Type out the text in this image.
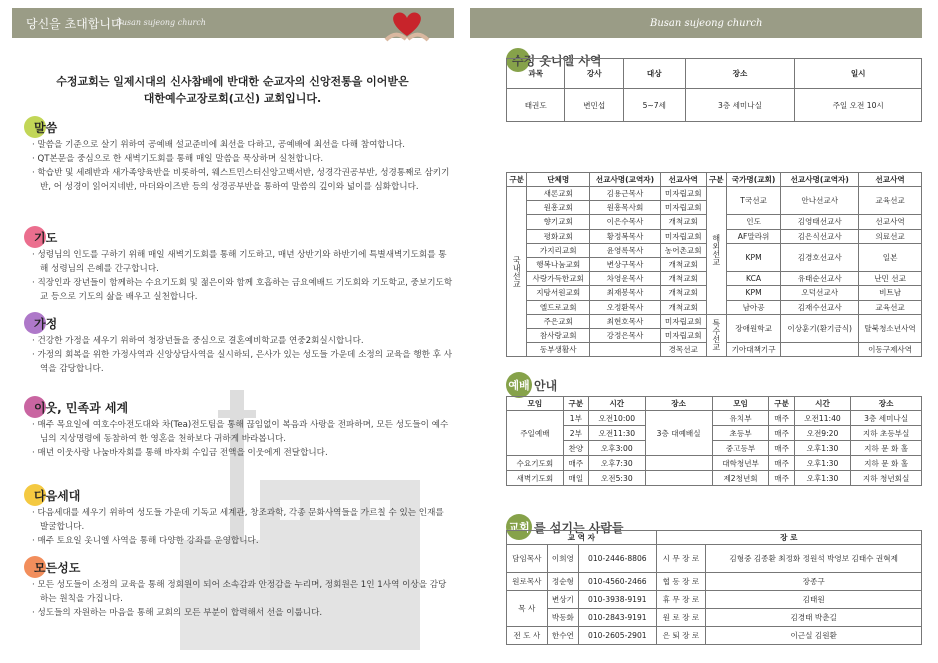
당신을 초대합니다
Busan sujeong church
수정교회는 일제시대의 신사참배에 반대한 순교자의 신앙전통을 이어받은
대한예수교장로회(고신) 교회입니다.
말씀

· 말씀을 기준으로 살기 위하여 공예배 설교준비에 최선을 다하고, 공예배에 최선을 다해 참여합니다.

· QT본문을 중심으로 한 새벽기도회를 통해 매일 말씀을 묵상하며 실천합니다.

· 학습반 및 세례반과 새가족양육반을 비롯하여, 웨스트민스터신앙고백서반, 성경각권공부반, 성경통째로 삼키기반, 어 성경이 읽어지네반, 마더와이즈반 등의 성경공부반을 통하여 말씀의 깊이와 넓이를 심화합니다.

기도

· 성령님의 인도를 구하기 위해 매일 새벽기도회를 통해 기도하고, 매년 상반기와 하반기에 특별새벽기도회를 통해 성령님의 은혜를 간구합니다.

· 직장인과 장년들이 함께하는 수요기도회 및 젊은이와 함께 호흡하는 금요예배드 기도회와 기도학교, 중보기도학교 등으로 기도의 삶을 배우고 실천합니다.

가정

· 건강한 가정을 세우기 위하여 청장년들을 중심으로 결혼예비학교를 연중2회실시합니다.

· 가정의 회복을 위한 가정사역과 신앙상담사역을 실시하되, 은사가 있는 성도들 가운데 소정의 교육을 행한 후 사역을 감당합니다.

이웃, 민족과 세계

· 매주 목요일에 여호수아전도대와 차(Tea)전도팀을 통해 끊임없이 복음과 사랑을 전파하며, 모든 성도들이 예수님의 지상명령에 동참하여 한 영혼을 천하보다 귀하게 바라봅니다.

· 매년 이웃사랑 나눔바자회를 통해 바자회 수입금 전액을 이웃에게 전달합니다.

다음세대

· 다음세대를 세우기 위하여 성도들 가운데 기독교 세계관, 창조과학, 각종 문화사역들을 가르칠 수 있는 인재를 발굴합니다.

· 매주 토요일 옷니엘 사역을 통해 다양한 강좌를 운영합니다.

모든성도

· 모든 성도들이 소정의 교육을 통해 정회원이 되어 소속감과 안정감을 누리며, 정회원은 1인 1사역 이상을 감당하는 원칙을 가집니다.

· 성도들의 자원하는 마음을 통해 교회의 모든 부분이 합력해서 선을 이룹니다.

Busan sujeong church
수정 옷니엘 사역
과목	강사	대상	장소	일시
태권도	변민섭	5~7세	3층 세미나실	주일 오전 10시
구분	단체명	선교사명(교역자)	선교사역	구분	국가명(교회)	선교사명(교역자)	선교사역
국내선교	새론교회	김용근목사	미자립교회	해외선교	T국선교	안나선교사	교육선교
	원흥교회	원흥목사회	미자립교회				
	향기교회	이은수목사	개척교회		인도	김영태선교사	선교사역
	평화교회	황정복목사	미자립교회		AF말라위	김은식선교사	의료선교
	가지리교회	윤영록목사	농어촌교회		KPM	김경호선교사	일본
	행복나눔교회	변상구목사	개척교회				
	사랑가득한교회	차영운목사	개척교회		KCA	유태순선교사	난민 선교
	지탕서원교회	최재봉목사	개척교회		KPM	오덕선교사	비트남
	엘드로교회	오정환목사	개척교회		남아공	김재수선교사	교육선교
	주은교회	최현호목사	미자립교회	특수선교	장애원학교	이상훈기(환기금식)	탈북청소년사역
	참사랑교회	강정은목사	미자립교회				
	동부생활사		경목선교		기아대책기구		이동구제사역
예배 안내
모임	구분	시간	장소	모임	구분	시간	장소
주일예배	1부	오전10:00	3층 대예배실	유치부	매주	오전11:40	3층 세미나실
	2부	오전11:30		초등부	매주	오전9:20	지하 초등부실
	찬양	오후3:00		중고등부	매주	오후1:30	지하 문 화 홀
수요기도회	매주	오후7:30		대학청년부	매주	오후1:30	지하 문 화 홀
새벽기도회	매일	오전5:30		제2청년회	매주	오후1:30	지하 청년회실
교회 를 섬기는 사람들
교 역 자			장 로	
담임목사	이희영	010-2446-8806	시 무 장 로	김형중 김종환 최정화 정원석 박영보 김태수 권혁제
원로목사	정순형	010-4560-2466	협 동 장 로	장종구
목 사	변상기	010-3938-9191	휴 무 장 로	김태원
	박동화	010-2843-9191	원 로 장 로	김경태 박춘길
전 도 사	한수연	010-2605-2901	은 퇴 장 로	이근실 김원환
